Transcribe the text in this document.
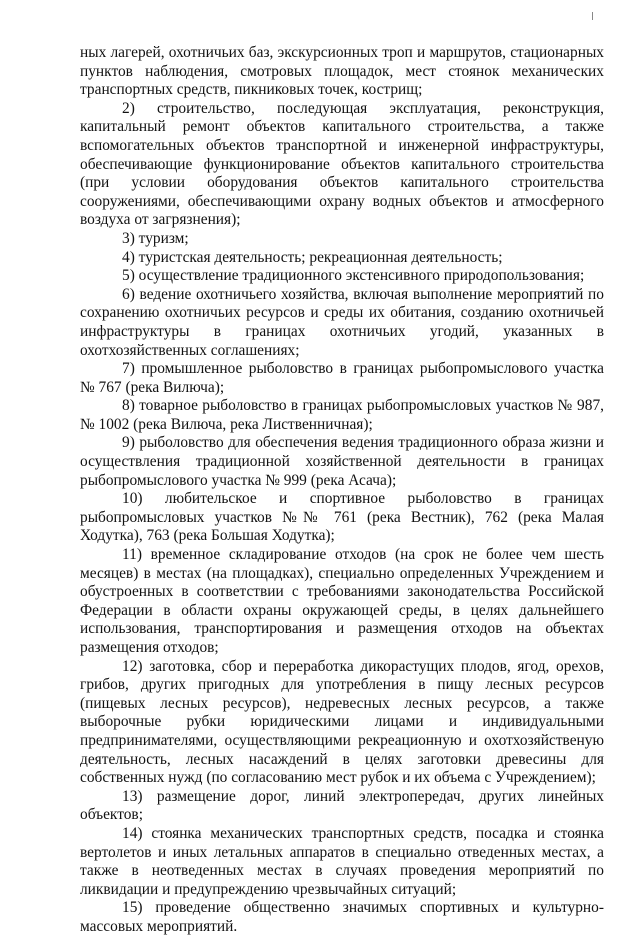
ных лагерей, охотничьих баз, экскурсионных троп и маршрутов, стационарных пунктов наблюдения, смотровых площадок, мест стоянок механических транспортных средств, пикниковых точек, кострищ;

2) строительство, последующая эксплуатация, реконструкция, капитальный ремонт объектов капитального строительства, а также вспомогательных объектов транспортной и инженерной инфраструктуры, обеспечивающие функционирование объектов капитального строительства (при условии оборудования объектов капитального строительства сооружениями, обеспечивающими охрану водных объектов и атмосферного воздуха от загрязнения);

3) туризм;

4) туристская деятельность; рекреационная деятельность;

5) осуществление традиционного экстенсивного природопользования;

6) ведение охотничьего хозяйства, включая выполнение мероприятий по сохранению охотничьих ресурсов и среды их обитания, созданию охотничьей инфраструктуры в границах охотничьих угодий, указанных в охотхозяйственных соглашениях;

7) промышленное рыболовство в границах рыбопромыслового участка № 767 (река Вилюча);

8) товарное рыболовство в границах рыбопромысловых участков № 987, № 1002 (река Вилюча, река Лиственничная);

9) рыболовство для обеспечения ведения традиционного образа жизни и осуществления традиционной хозяйственной деятельности в границах рыбопромыслового участка № 999 (река Асача);

10) любительское и спортивное рыболовство в границах рыбопромысловых участков №№ 761 (река Вестник), 762 (река Малая Ходутка), 763 (река Большая Ходутка);

11) временное складирование отходов (на срок не более чем шесть месяцев) в местах (на площадках), специально определенных Учреждением и обустроенных в соответствии с требованиями законодательства Российской Федерации в области охраны окружающей среды, в целях дальнейшего использования, транспортирования и размещения отходов на объектах размещения отходов;

12) заготовка, сбор и переработка дикорастущих плодов, ягод, орехов, грибов, других пригодных для употребления в пищу лесных ресурсов (пищевых лесных ресурсов), недревесных лесных ресурсов, а также выборочные рубки юридическими лицами и индивидуальными предпринимателями, осуществляющими рекреационную и охотхозяйственую деятельность, лесных насаждений в целях заготовки древесины для собственных нужд (по согласованию мест рубок и их объема с Учреждением);

13) размещение дорог, линий электропередач, других линейных объектов;

14) стоянка механических транспортных средств, посадка и стоянка вертолетов и иных летальных аппаратов в специально отведенных местах, а также в неотведенных местах в случаях проведения мероприятий по ликвидации и предупреждению чрезвычайных ситуаций;

15) проведение общественно значимых спортивных и культурно-массовых мероприятий.
